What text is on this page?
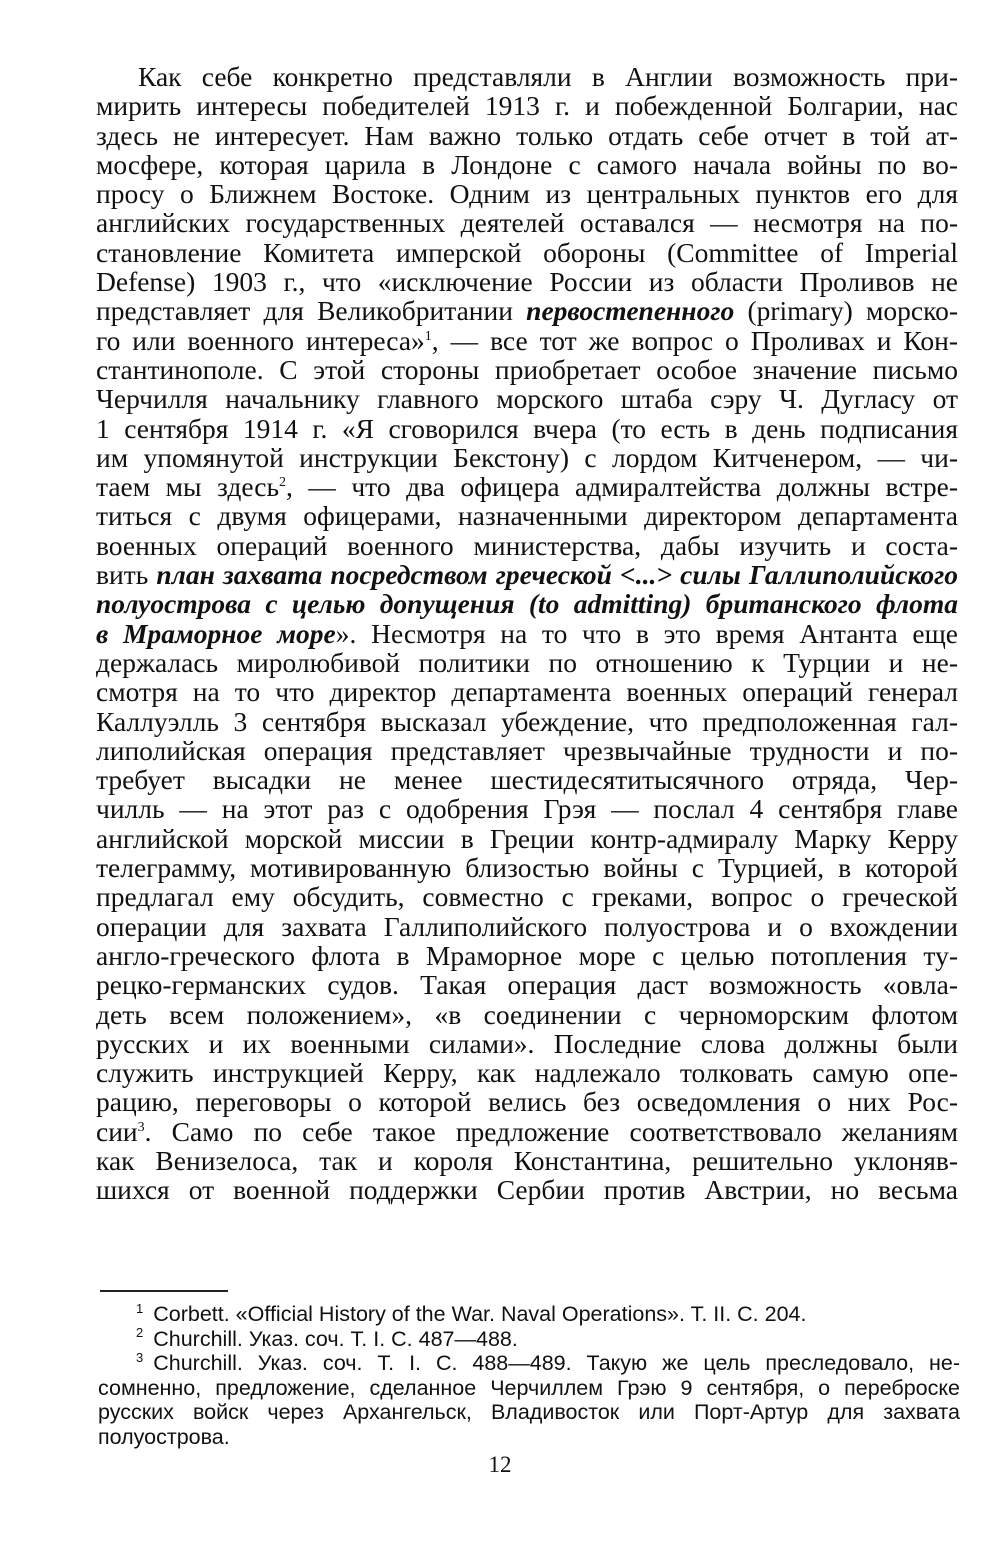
Как себе конкретно представляли в Англии возможность при-
мирить интересы победителей 1913 г. и побежденной Болгарии, нас
здесь не интересует. Нам важно только отдать себе отчет в той ат-
мосфере, которая царила в Лондоне с самого начала войны по во-
просу о Ближнем Востоке. Одним из центральных пунктов его для
английских государственных деятелей оставался — несмотря на по-
становление Комитета имперской обороны (Committee of Imperial
Defense) 1903 г., что «исключение России из области Проливов не
представляет для Великобритании первостепенного (primary) морско-
го или военного интереса»$^1$, — все тот же вопрос о Проливах и Кон-
стантинополе. С этой стороны приобретает особое значение письмо
Черчилля начальнику главного морского штаба сэру Ч. Дугласу от
1 сентября 1914 г. «Я сговорился вчера (то есть в день подписания
им упомянутой инструкции Бекстону) с лордом Китченером, — чи-
таем мы здесь$^2$, — что два офицера адмиралтейства должны встре-
титься с двумя офицерами, назначенными директором департамента
военных операций военного министерства, дабы изучить и соста-
вить план захвата посредством греческой <...> силы Галлиполийского
полуострова с целью допущения (to admitting) британского флота
в Мраморное море». Несмотря на то что в это время Антанта еще
держалась миролюбивой политики по отношению к Турции и не-
смотря на то что директор департамента военных операций генерал
Каллуэлль 3 сентября высказал убеждение, что предположенная гал-
липолийская операция представляет чрезвычайные трудности и по-
требует высадки не менее шестидесятитысячного отряда, Чер-
чилль — на этот раз с одобрения Грэя — послал 4 сентября главе
английской морской миссии в Греции контр-адмиралу Марку Керру
телеграмму, мотивированную близостью войны с Турцией, в которой
предлагал ему обсудить, совместно с греками, вопрос о греческой
операции для захвата Галлиполийского полуострова и о вхождении
англо-греческого флота в Мраморное море с целью потопления ту-
рецко-германских судов. Такая операция даст возможность «овла-
деть всем положением», «в соединении с черноморским флотом
русских и их военными силами». Последние слова должны были
служить инструкцией Керру, как надлежало толковать самую опе-
рацию, переговоры о которой велись без осведомления о них Рос-
сии$^3$. Само по себе такое предложение соответствовало желаниям
как Венизелоса, так и короля Константина, решительно уклоняв-
шихся от военной поддержки Сербии против Австрии, но весьма
$^1$ Corbett. «Official History of the War. Naval Operations». T. II. C. 204.
$^2$ Churchill. Указ. соч. T. I. C. 487—488.
$^3$ Churchill. Указ. соч. T. I. C. 488—489. Такую же цель преследовало, не-
сомненно, предложение, сделанное Черчиллем Грэю 9 сентября, о переброске
русских войск через Архангельск, Владивосток или Порт-Артур для захвата
полуострова.
12
